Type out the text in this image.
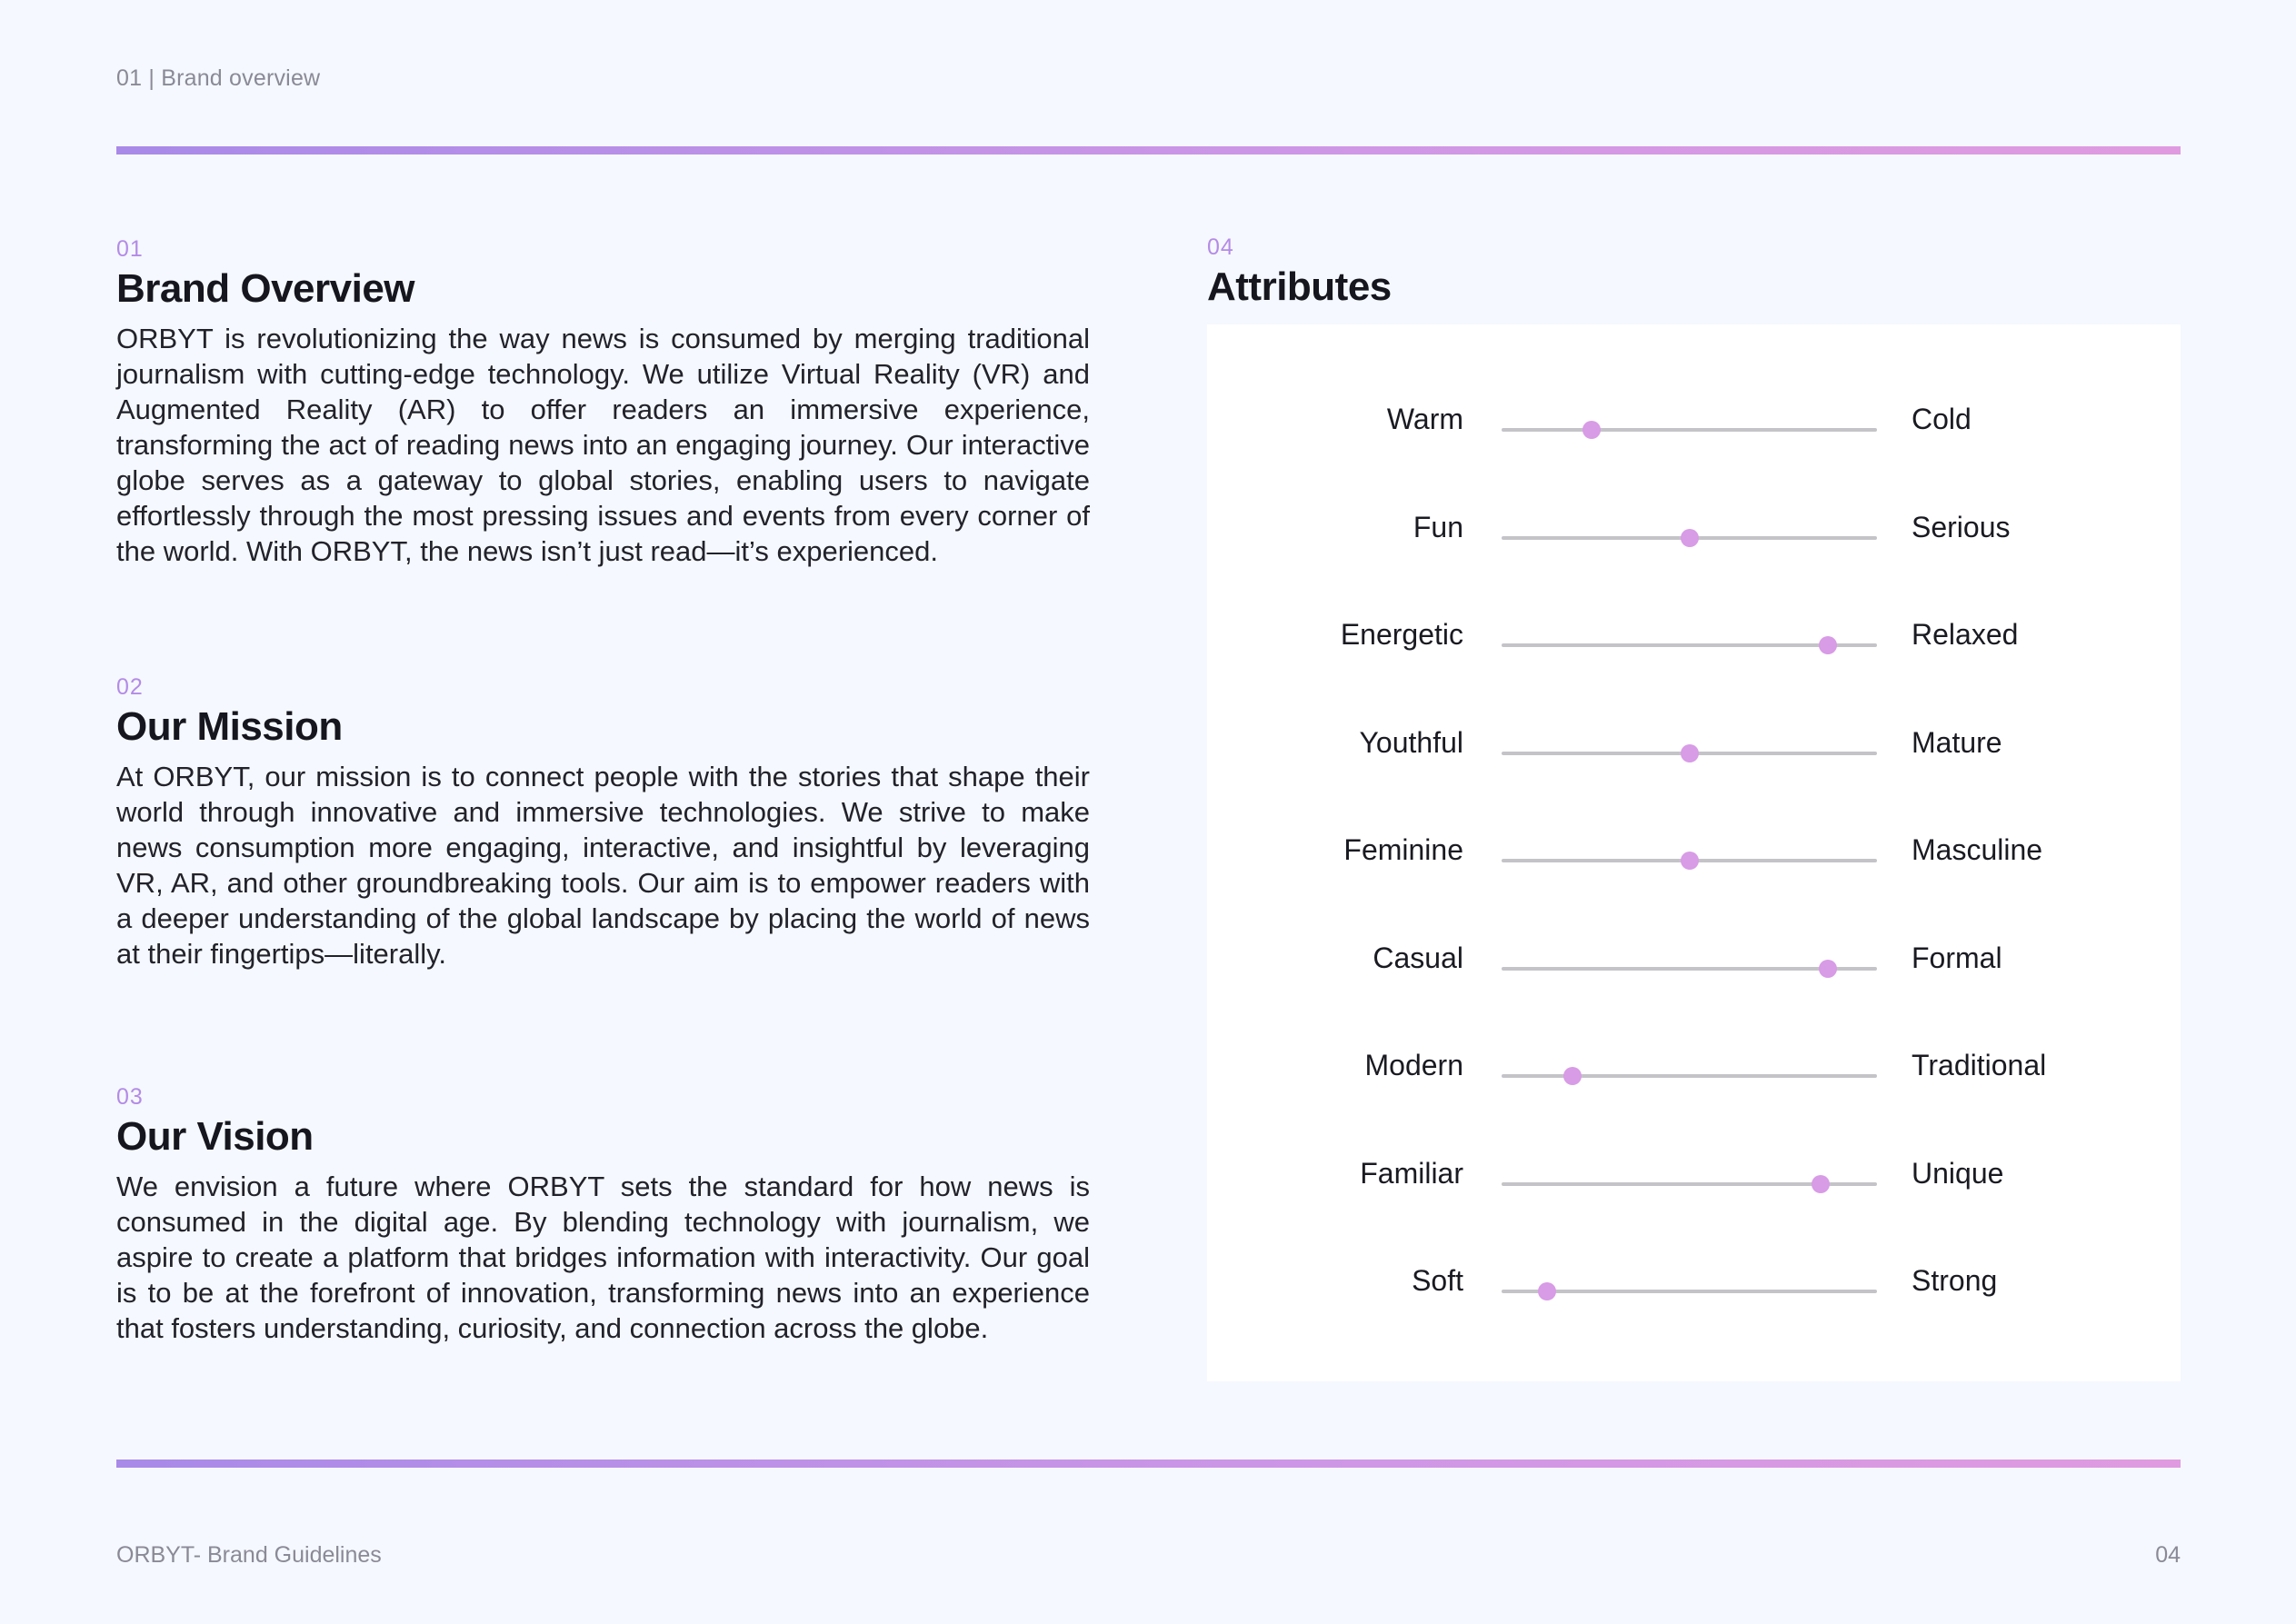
01 | Brand overview
01
Brand Overview

ORBYT is revolutionizing the way news is consumed by merging traditional journalism with cutting-edge technology. We utilize Virtual Reality (VR) and Augmented Reality (AR) to offer readers an immersive experience, transforming the act of reading news into an engaging journey. Our interactive globe serves as a gateway to global stories, enabling users to navigate effortlessly through the most pressing issues and events from every corner of the world. With ORBYT, the news isn’t just read—it’s experienced.

02
Our Mission

At ORBYT, our mission is to connect people with the stories that shape their world through innovative and immersive technologies. We strive to make news consumption more engaging, interactive, and insightful by leveraging VR, AR, and other groundbreaking tools. Our aim is to empower readers with a deeper understanding of the global landscape by placing the world of news at their fingertips—literally.

03
Our Vision

We envision a future where ORBYT sets the standard for how news is consumed in the digital age. By blending technology with journalism, we aspire to create a platform that bridges information with interactivity. Our goal is to be at the forefront of innovation, transforming news into an experience that fosters understanding, curiosity, and connection across the globe.

04
Attributes
Warm	Cold
Fun	Serious
Energetic	Relaxed
Youthful	Mature
Feminine	Masculine
Casual	Formal
Modern	Traditional
Familiar	Unique
Soft	Strong
ORBYT- Brand Guidelines	04
